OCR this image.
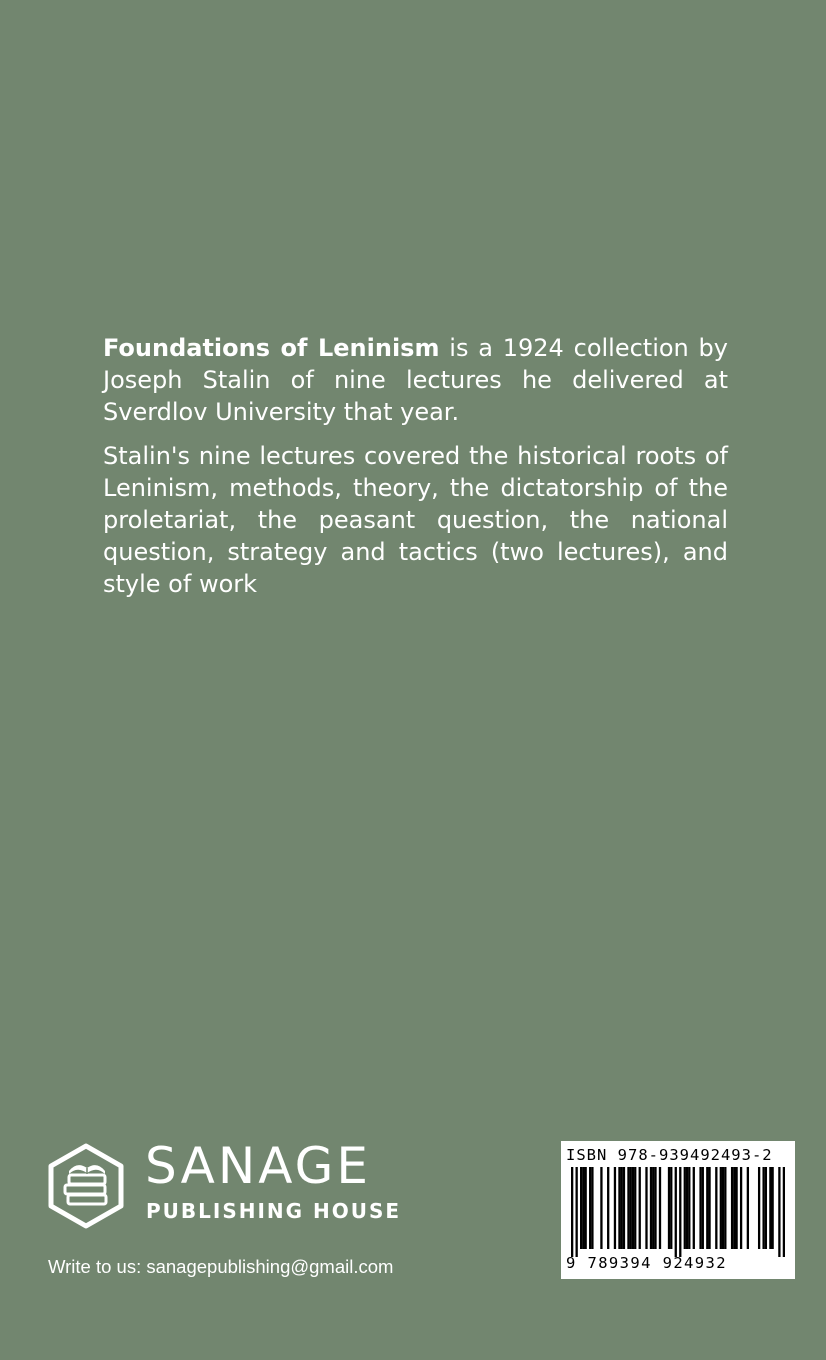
Foundations of Leninism is a 1924 collection by Joseph Stalin of nine lectures he delivered at Sverdlov University that year.

Stalin's nine lectures covered the historical roots of Leninism, methods, theory, the dictatorship of the proletariat, the peasant question, the national question, strategy and tactics (two lectures), and style of work

SANAGE
PUBLISHING HOUSE
Write to us: sanagepublishing@gmail.com
ISBN 978-939492493-2
9 789394 924932
